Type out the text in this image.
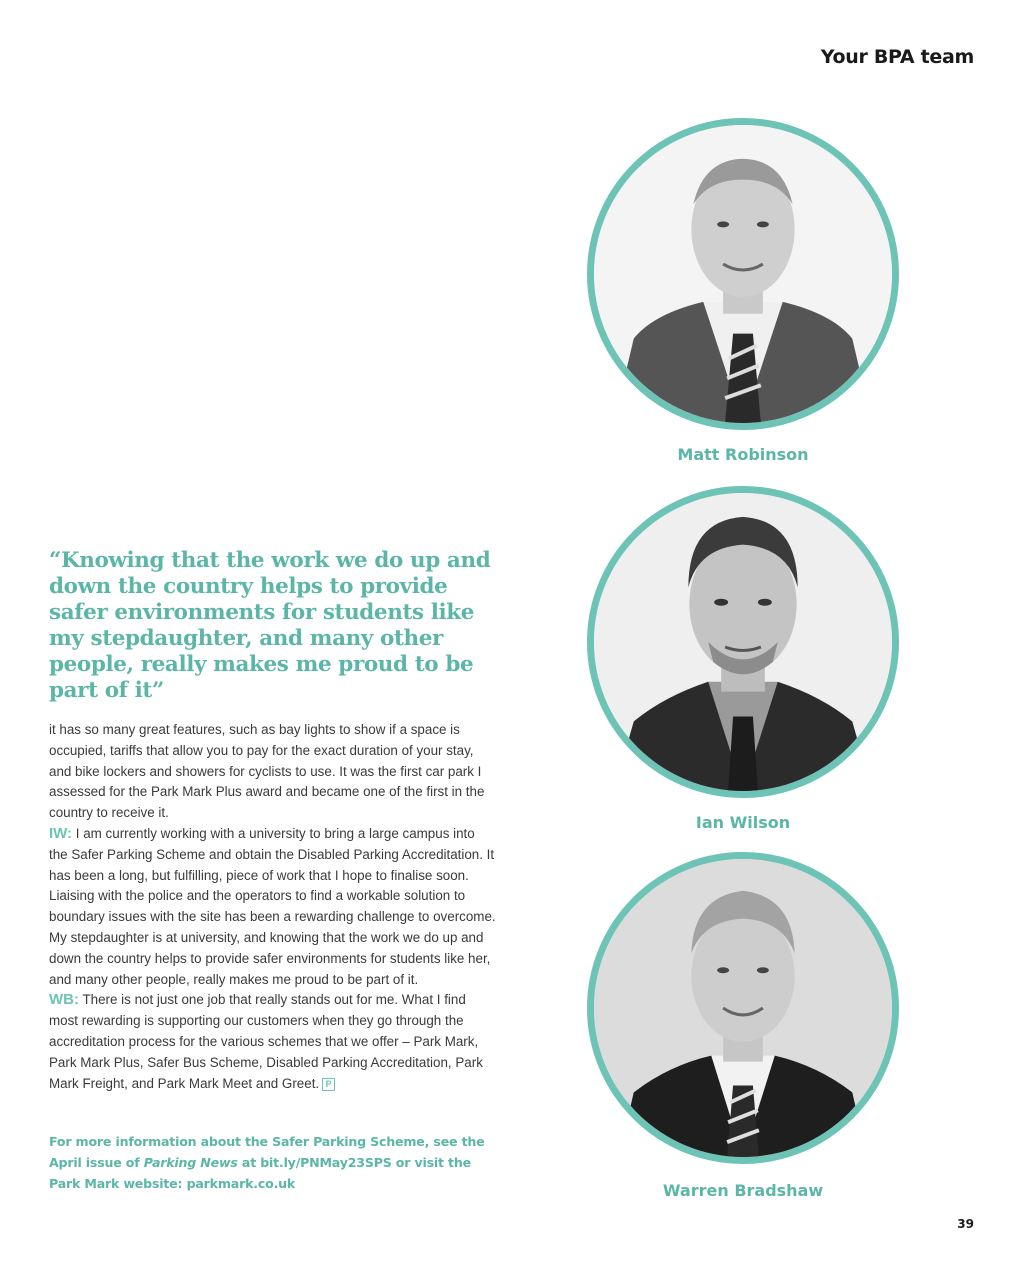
Your BPA team
Matt Robinson
Ian Wilson
Warren Bradshaw

“Knowing that the work we do up and down the country helps to provide safer environments for students like my stepdaughter, and many other people, really makes me proud to be part of it”

it has so many great features, such as bay lights to show if a space is occupied, tariffs that allow you to pay for the exact duration of your stay, and bike lockers and showers for cyclists to use. It was the first car park I assessed for the Park Mark Plus award and became one of the first in the country to receive it.

IW: I am currently working with a university to bring a large campus into the Safer Parking Scheme and obtain the Disabled Parking Accreditation. It has been a long, but fulfilling, piece of work that I hope to finalise soon. Liaising with the police and the operators to find a workable solution to boundary issues with the site has been a rewarding challenge to overcome. My stepdaughter is at university, and knowing that the work we do up and down the country helps to provide safer environments for students like her, and many other people, really makes me proud to be part of it.

WB: There is not just one job that really stands out for me. What I find most rewarding is supporting our customers when they go through the accreditation process for the various schemes that we offer – Park Mark, Park Mark Plus, Safer Bus Scheme, Disabled Parking Accreditation, Park Mark Freight, and Park Mark Meet and Greet. P

For more information about the Safer Parking Scheme, see the April issue of Parking News at bit.ly/PNMay23SPS or visit the Park Mark website: parkmark.co.uk
39
